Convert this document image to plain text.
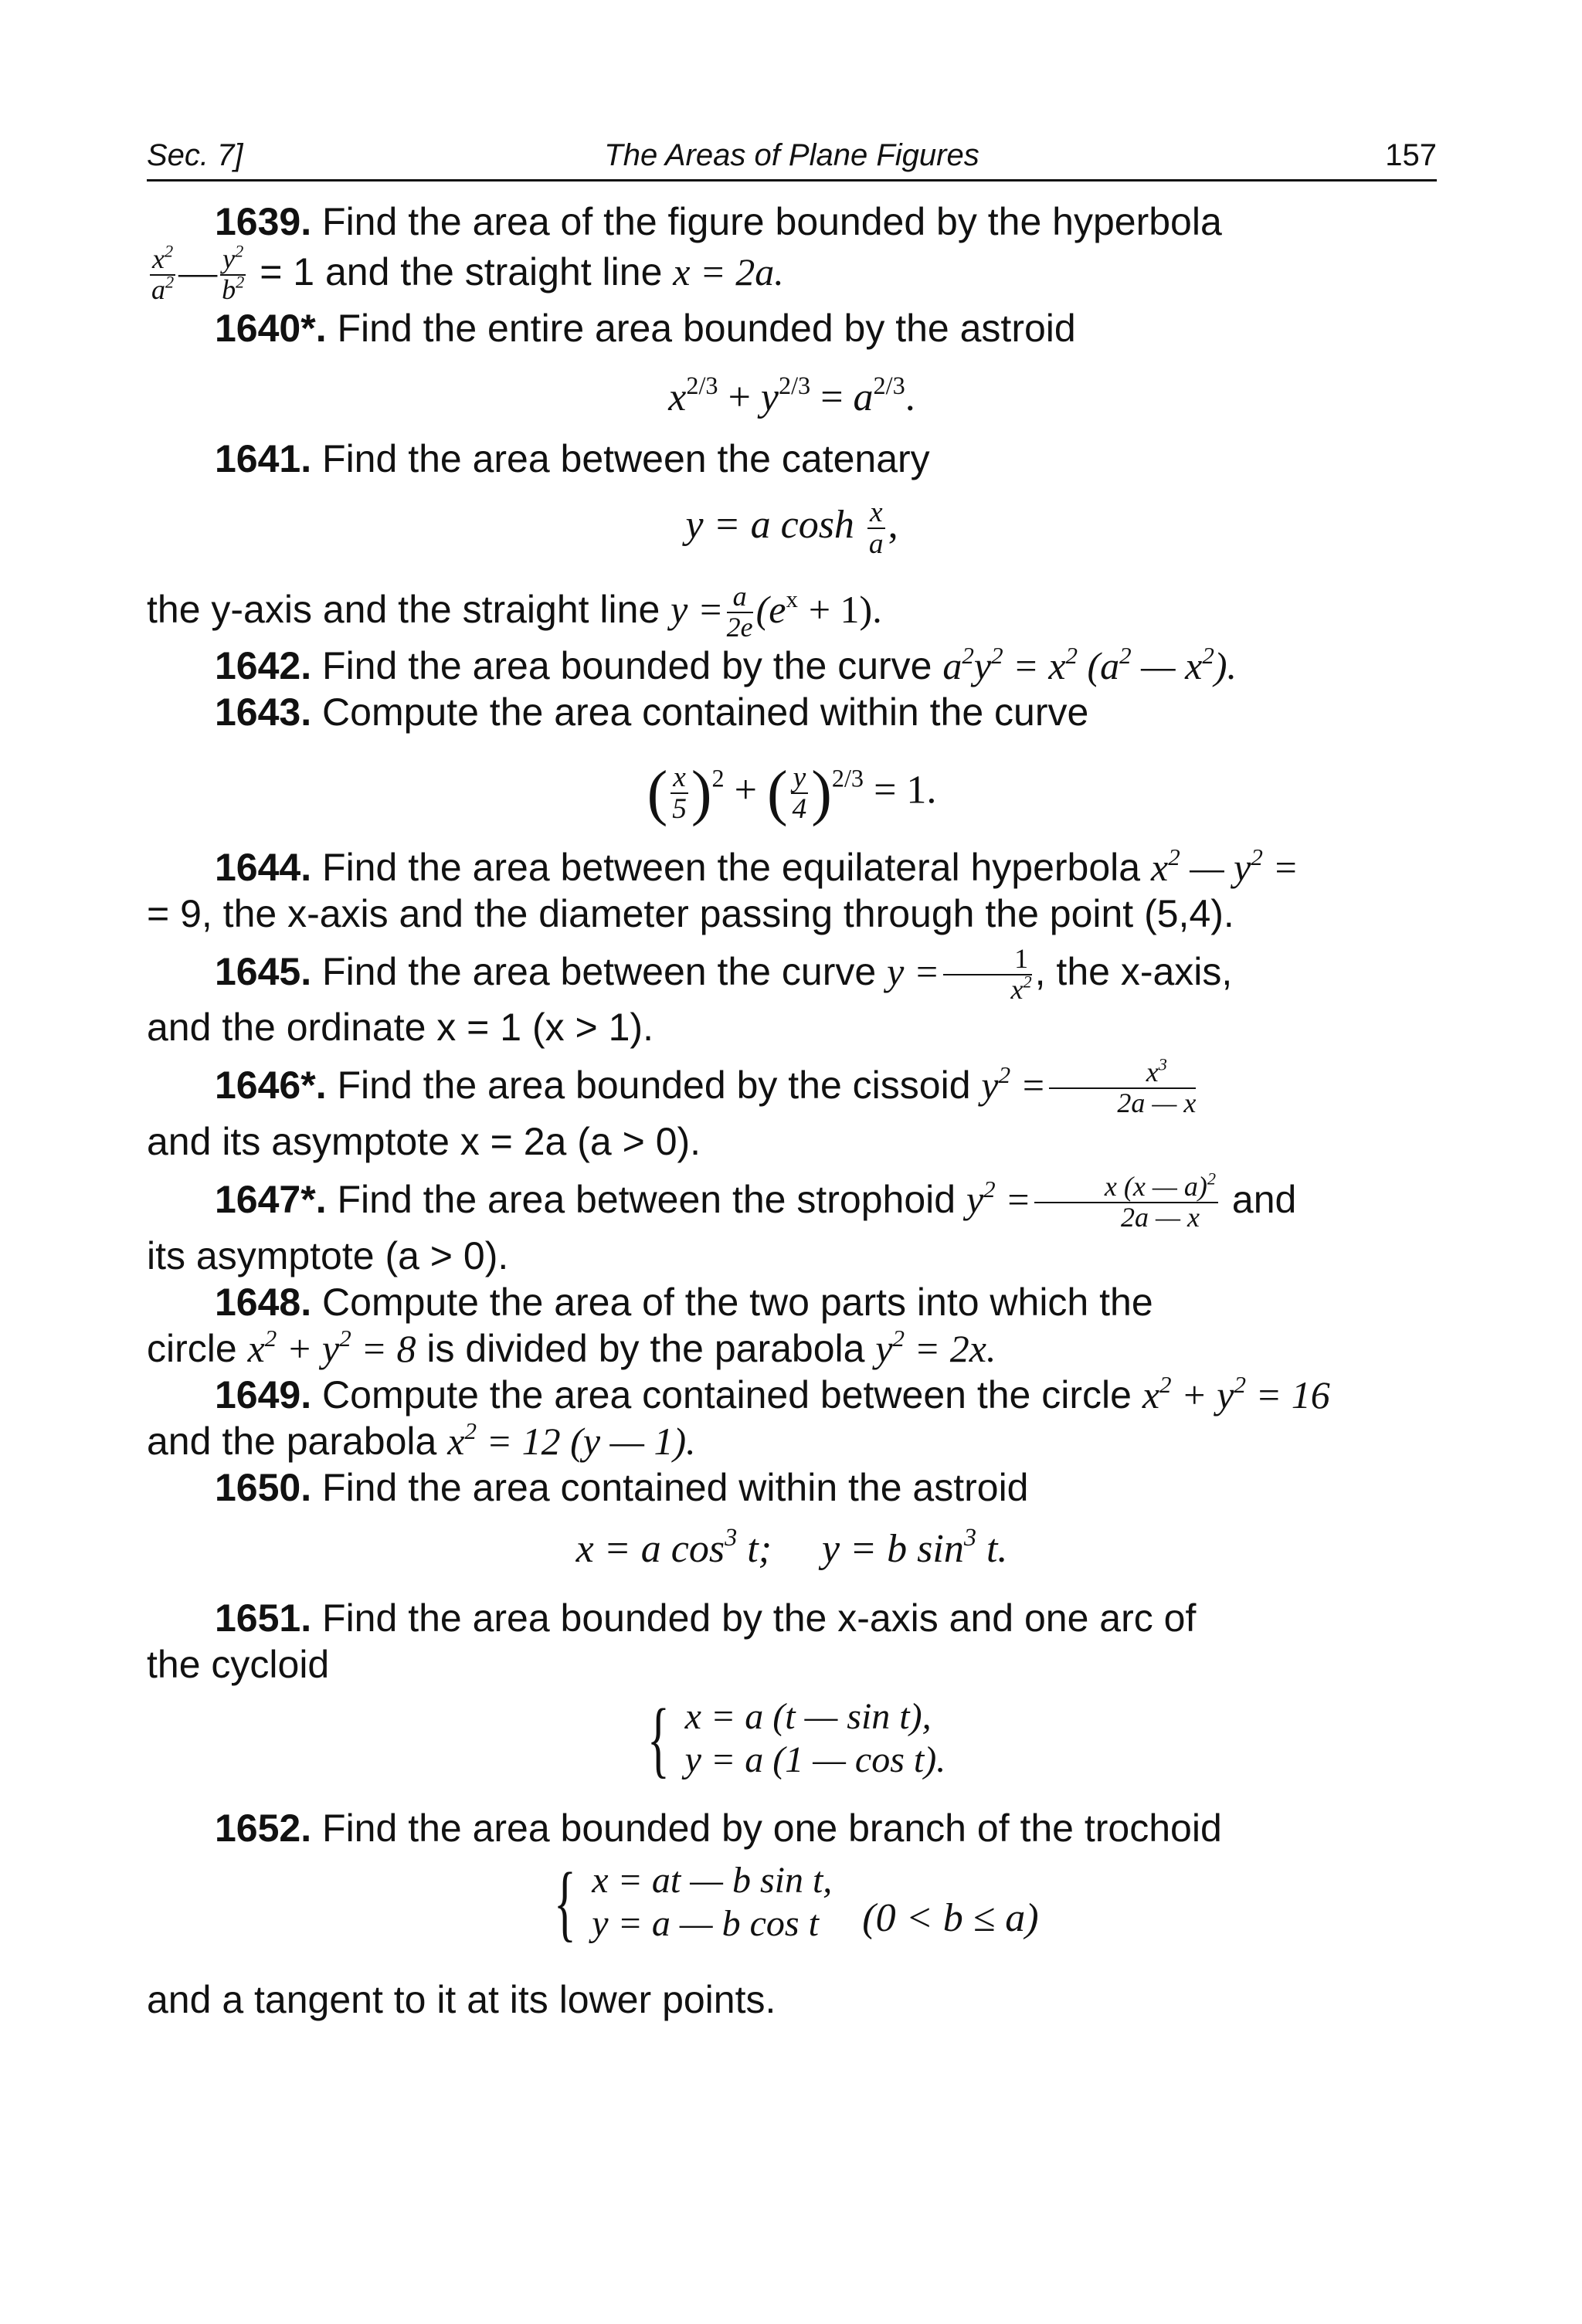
Sec. 7]	The Areas of Plane Figures	157

1639. Find the area of the figure bounded by the hyperbola

$\frac{x^2}{a^2}$ — $\frac{y^2}{b^2} = 1$ and the straight line x = 2a.

1640*. Find the entire area bounded by the astroid

$x^{2/3} + y^{2/3} = a^{2/3}$.

1641. Find the area between the catenary

y = a $\cosh \frac{x}{a}$ ,

the y-axis and the straight line $y = \frac{a}{2e} (e^x + 1)$.

1642. Find the area bounded by the curve $a^2y^2 = x^2$ ($a^2$ — $x^2$).

1643. Compute the area contained within the curve

( $\frac{x}{5} )^2$ + ( $\frac{y}{4} )^{2/3} = 1$.

1644. Find the area between the equilateral hyperbola $x^2$ — $y^2$ =

= 9, the x-axis and the diameter passing through the point (5,4).

1645. Find the area between the curve $y = \frac{1}{x^2}$ , the x-axis,

and the ordinate x = 1 (x > 1).

1646*. Find the area bounded by the cissoid $y^2 = \frac{x^3}{2a — x}$

and its asymptote x = 2a (a > 0).

1647*. Find the area between the strophoid $y^2 = \frac{x (x — a)^2}{2a — x}$ and

its asymptote (a > 0).

1648. Compute the area of the two parts into which the

circle $x^2 + y^2 = 8$ is divided by the parabola $y^2 = 2x$.

1649. Compute the area contained between the circle $x^2 + y^2 = 16$

and the parabola $x^2 = 12$ (y — 1).

1650. Find the area contained within the astroid

x = a $\cos^3 t$; y = b $\sin^3 t$.

1651. Find the area bounded by the x-axis and one arc of

the cycloid

{ x = a (t — sin t),
y = a (1 — cos t).

1652. Find the area bounded by one branch of the trochoid

{ x = at — b sin t,
y = a — b cos t	(0 < b ≤ a)

and a tangent to it at its lower points.
